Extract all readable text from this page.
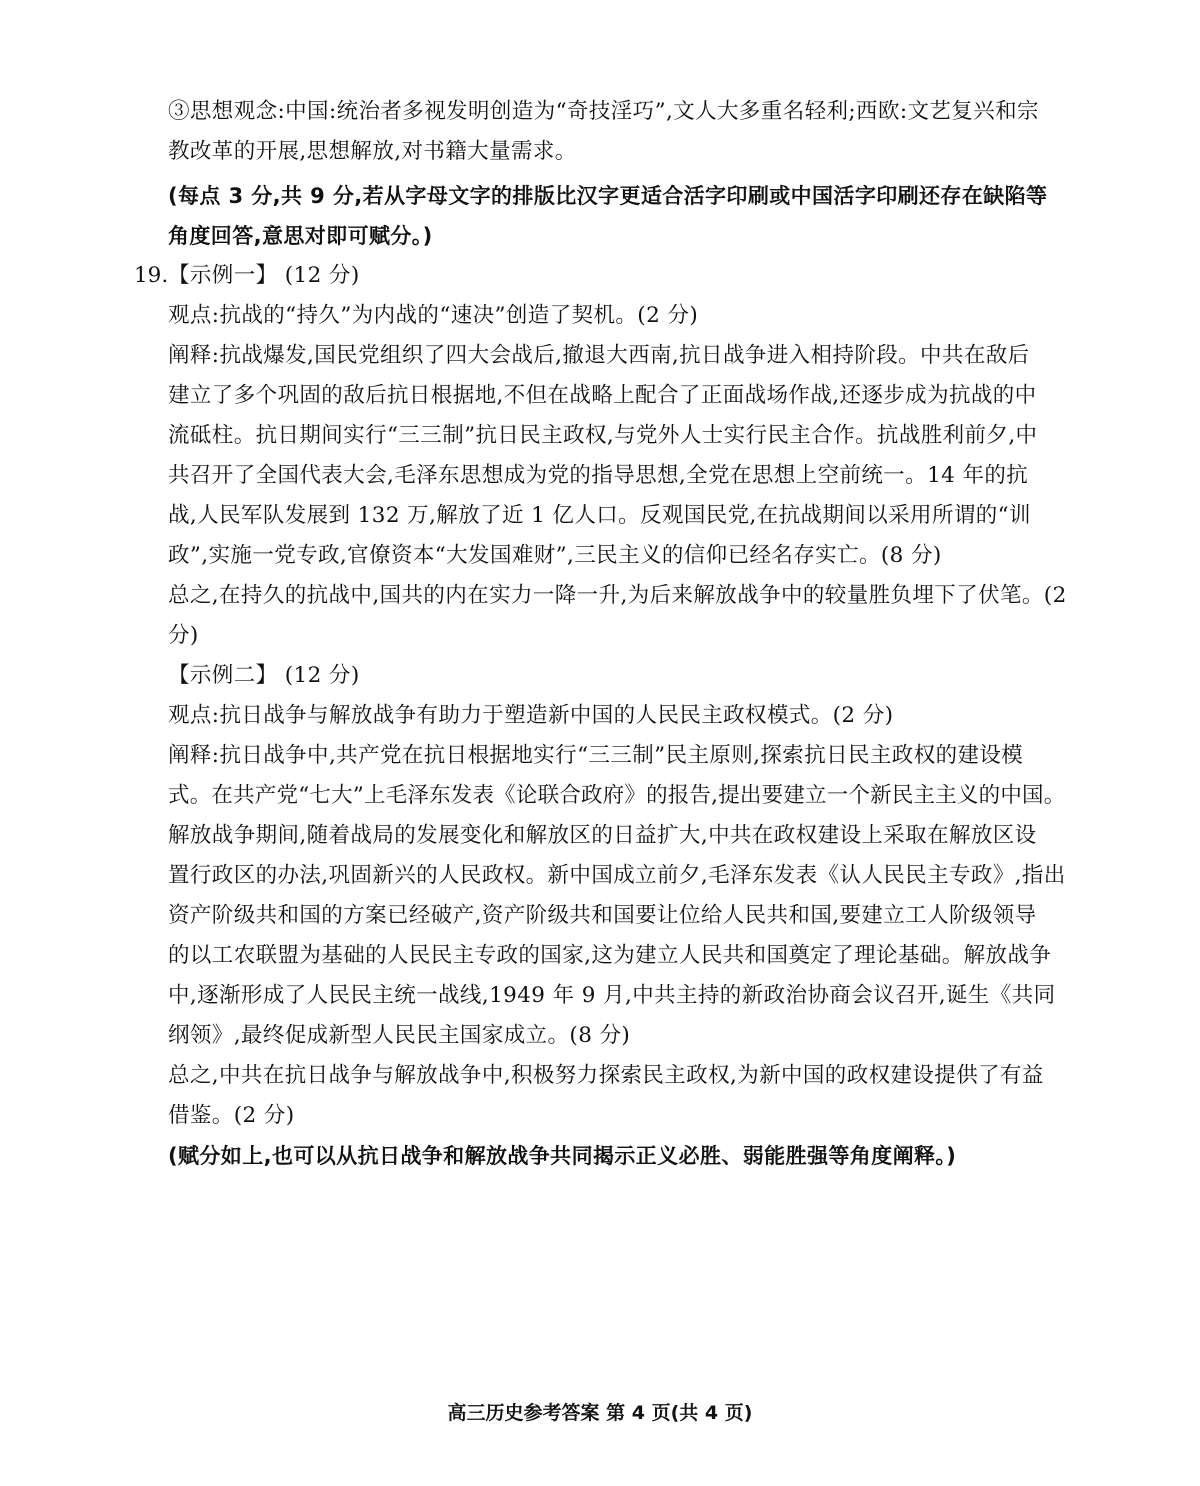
③思想观念:中国:统治者多视发明创造为“奇技淫巧”,文人大多重名轻利;西欧:文艺复兴和宗
教改革的开展,思想解放,对书籍大量需求。
(每点 3 分,共 9 分,若从字母文字的排版比汉字更适合活字印刷或中国活字印刷还存在缺陷等
角度回答,意思对即可赋分。)
19. 【示例一】 (12 分)
观点:抗战的“持久”为内战的“速决”创造了契机。(2 分)
阐释:抗战爆发,国民党组织了四大会战后,撤退大西南,抗日战争进入相持阶段。中共在敌后
建立了多个巩固的敌后抗日根据地,不但在战略上配合了正面战场作战,还逐步成为抗战的中
流砥柱。抗日期间实行“三三制”抗日民主政权,与党外人士实行民主合作。抗战胜利前夕,中
共召开了全国代表大会,毛泽东思想成为党的指导思想,全党在思想上空前统一。14 年的抗
战,人民军队发展到 132 万,解放了近 1 亿人口。反观国民党,在抗战期间以采用所谓的“训
政”,实施一党专政,官僚资本“大发国难财”,三民主义的信仰已经名存实亡。(8 分)
总之,在持久的抗战中,国共的内在实力一降一升,为后来解放战争中的较量胜负埋下了伏笔。(2
分)
【示例二】 (12 分)
观点:抗日战争与解放战争有助力于塑造新中国的人民民主政权模式。(2 分)
阐释:抗日战争中,共产党在抗日根据地实行“三三制”民主原则,探索抗日民主政权的建设模
式。在共产党“七大”上毛泽东发表《论联合政府》的报告,提出要建立一个新民主主义的中国。
解放战争期间,随着战局的发展变化和解放区的日益扩大,中共在政权建设上采取在解放区设
置行政区的办法,巩固新兴的人民政权。新中国成立前夕,毛泽东发表《认人民民主专政》,指出
资产阶级共和国的方案已经破产,资产阶级共和国要让位给人民共和国,要建立工人阶级领导
的以工农联盟为基础的人民民主专政的国家,这为建立人民共和国奠定了理论基础。解放战争
中,逐渐形成了人民民主统一战线,1949 年 9 月,中共主持的新政治协商会议召开,诞生《共同
纲领》,最终促成新型人民民主国家成立。(8 分)
总之,中共在抗日战争与解放战争中,积极努力探索民主政权,为新中国的政权建设提供了有益
借鉴。(2 分)
(赋分如上,也可以从抗日战争和解放战争共同揭示正义必胜、弱能胜强等角度阐释。)
高三历史参考答案 第 4 页(共 4 页)
